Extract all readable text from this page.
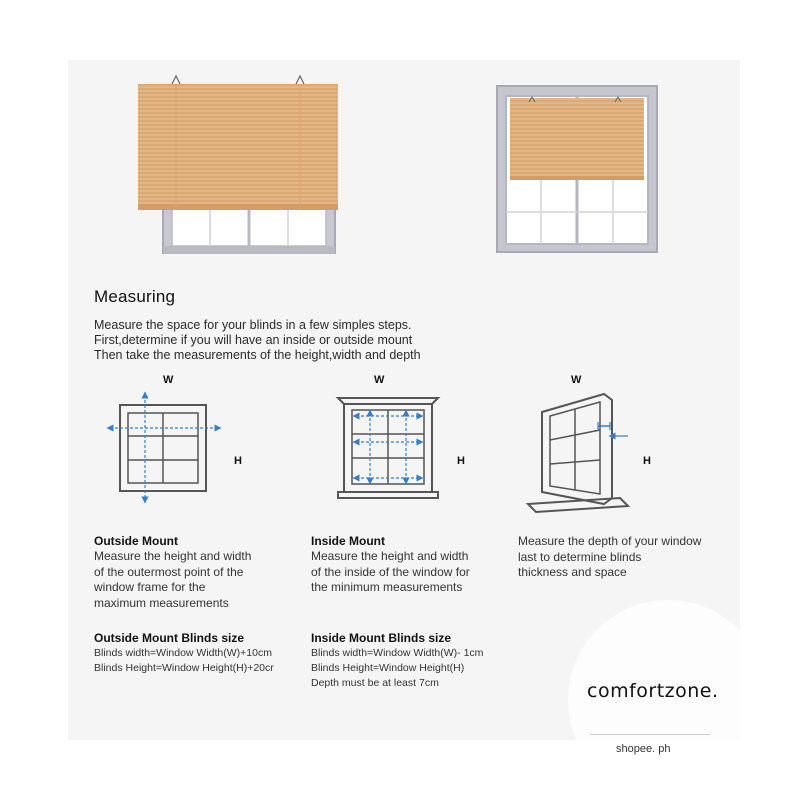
Measuring
Measure the space for your blinds in a few simples steps.
First,determine if you will have an inside or outside mount
Then take the measurements of the height,width and depth
W
H
W
H
W
H
Outside Mount
Measure the height and width
of the outermost point of the
window frame for the
maximum measurements
Inside Mount
Measure the height and width
of the inside of the window for
the minimum measurements
Measure the depth of your window
last to determine blinds
thickness and space
Outside Mount Blinds size
Blinds width=Window Width(W)+10cm
Blinds Height=Window Height(H)+20cr
Inside Mount Blinds size
Blinds width=Window Width(W)- 1cm
Blinds Height=Window Height(H)
Depth must be at least 7cm	comfortzone.
shopee. ph
